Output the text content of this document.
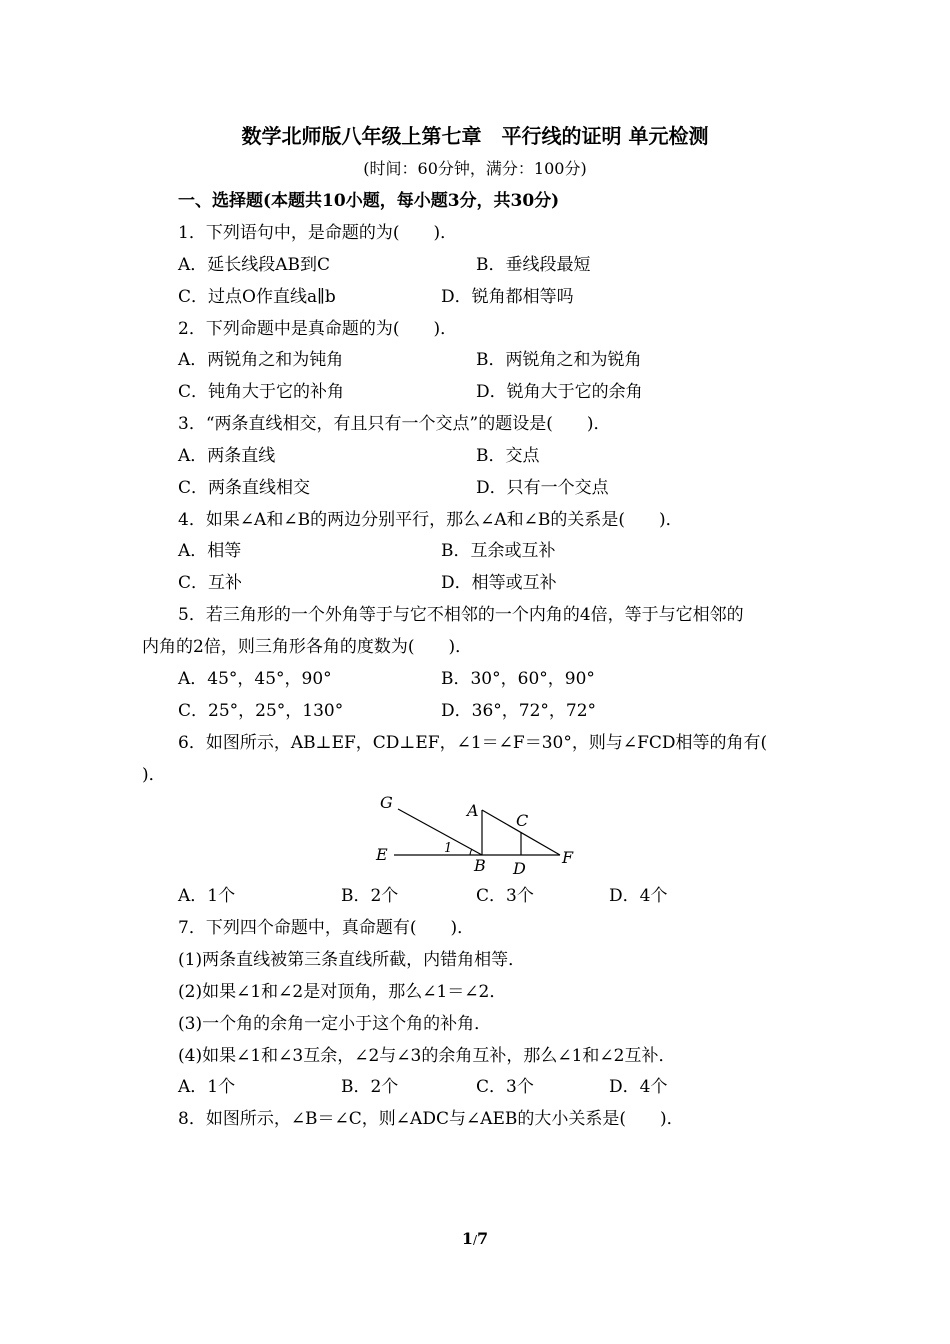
数学北师版八年级上第七章　平行线的证明 单元检测
(时间：60分钟，满分：100分)
一、选择题(本题共10小题，每小题3分，共30分)
1．下列语句中，是命题的为(　　)．
A．延长线段AB到C	B．垂线段最短
C．过点O作直线a∥b	D．锐角都相等吗
2．下列命题中是真命题的为(　　)．
A．两锐角之和为钝角	B．两锐角之和为锐角
C．钝角大于它的补角	D．锐角大于它的余角
3．“两条直线相交，有且只有一个交点”的题设是(　　)．
A．两条直线	B．交点
C．两条直线相交	D．只有一个交点
4．如果∠A和∠B的两边分别平行，那么∠A和∠B的关系是(　　)．
A．相等	B．互余或互补
C．互补	D．相等或互补
5．若三角形的一个外角等于与它不相邻的一个内角的4倍，等于与它相邻的
内角的2倍，则三角形各角的度数为(　　)．
A．45°，45°，90°	B．30°，60°，90°
C．25°，25°，130°	D．36°，72°，72°
6．如图所示，AB⊥EF，CD⊥EF，∠1＝∠F＝30°，则与∠FCD相等的角有(
)．
G	A
C
E	1
B D
F
A．1个	B．2个	C．3个	D．4个
7．下列四个命题中，真命题有(　　)．
(1)两条直线被第三条直线所截，内错角相等．
(2)如果∠1和∠2是对顶角，那么∠1＝∠2．
(3)一个角的余角一定小于这个角的补角．
(4)如果∠1和∠3互余，∠2与∠3的余角互补，那么∠1和∠2互补．
A．1个	B．2个	C．3个	D．4个
8．如图所示，∠B＝∠C，则∠ADC与∠AEB的大小关系是(　　)．
1/7
